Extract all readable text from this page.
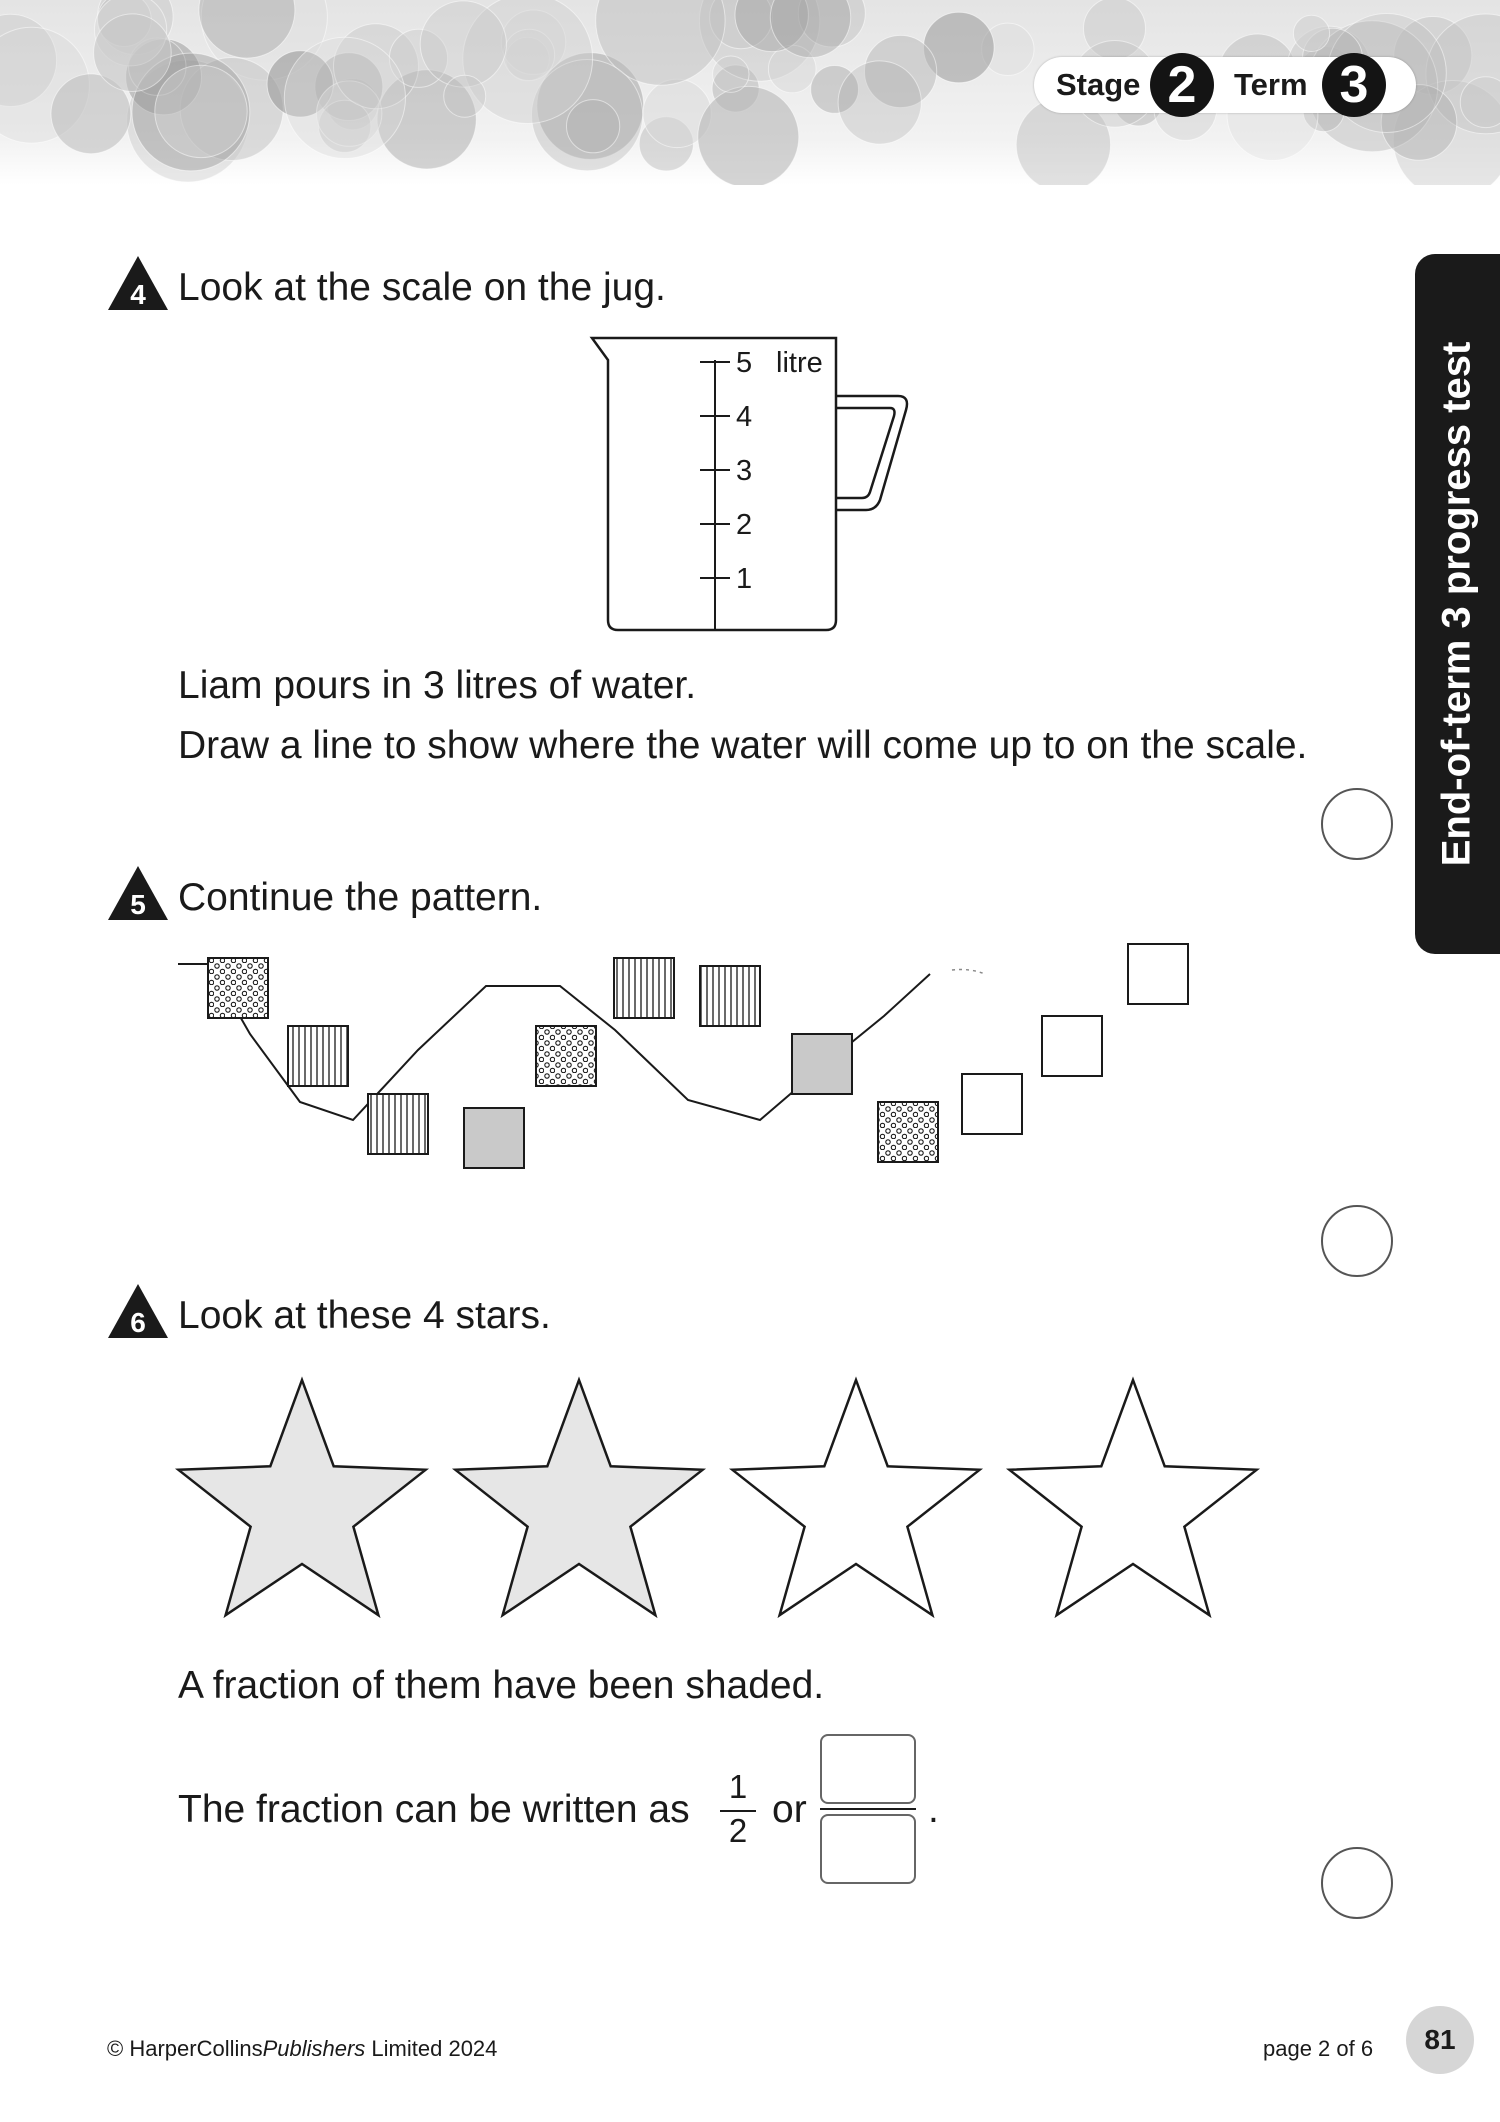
Stage 2	Term 3
End-of-term 3 progress test
4 Look at the scale on the jug.
5 litre
4
3
2
1
Liam pours in 3 litres of water.
Draw a line to show where the water will come up to on the scale.
5 Continue the pattern.
6 Look at these 4 stars.
A fraction of them have been shaded.
The fraction can be written as
1
2 or	.
© HarperCollinsPublishers Limited 2024	page 2 of 6	81
